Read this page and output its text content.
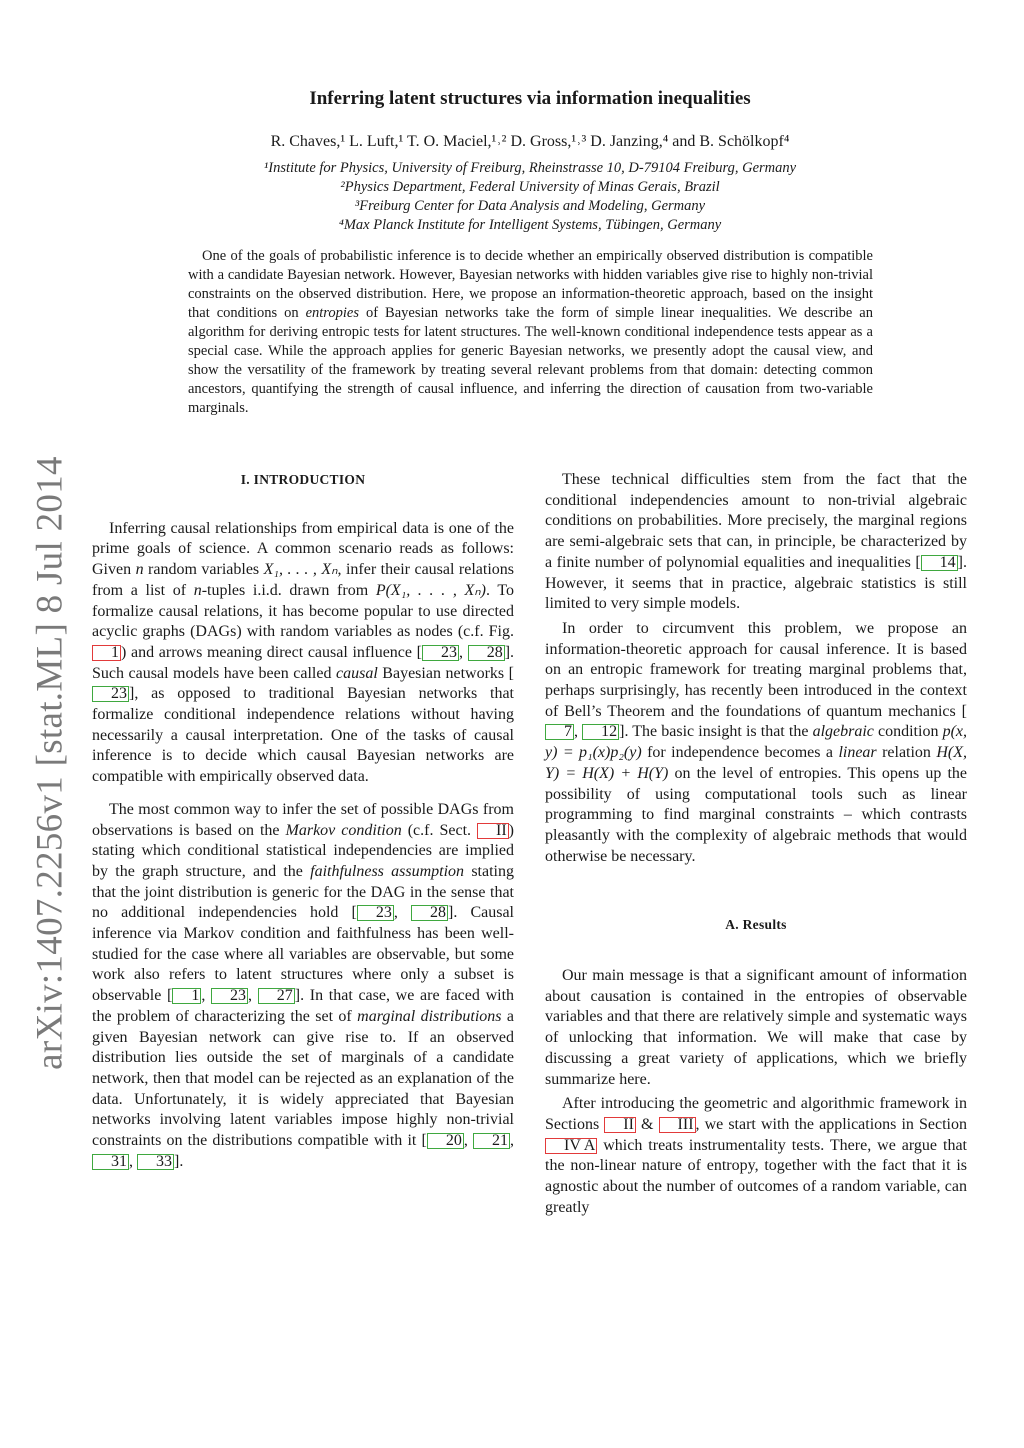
arXiv:1407.2256v1 [stat.ML] 8 Jul 2014
Inferring latent structures via information inequalities
R. Chaves,¹ L. Luft,¹ T. O. Maciel,¹˒² D. Gross,¹˒³ D. Janzing,⁴ and B. Schölkopf⁴
¹Institute for Physics, University of Freiburg, Rheinstrasse 10, D-79104 Freiburg, Germany
²Physics Department, Federal University of Minas Gerais, Brazil
³Freiburg Center for Data Analysis and Modeling, Germany
⁴Max Planck Institute for Intelligent Systems, Tübingen, Germany
One of the goals of probabilistic inference is to decide whether an empirically observed distribution is compatible with a candidate Bayesian network. However, Bayesian networks with hidden variables give rise to highly non-trivial constraints on the observed distribution. Here, we propose an information-theoretic approach, based on the insight that conditions on entropies of Bayesian networks take the form of simple linear inequalities. We describe an algorithm for deriving entropic tests for latent structures. The well-known conditional independence tests appear as a special case. While the approach applies for generic Bayesian networks, we presently adopt the causal view, and show the versatility of the framework by treating several relevant problems from that domain: detecting common ancestors, quantifying the strength of causal influence, and inferring the direction of causation from two-variable marginals.

I. INTRODUCTION

Inferring causal relationships from empirical data is one of the prime goals of science. A common scenario reads as follows: Given n random variables X₁, . . . , Xₙ, infer their causal relations from a list of n-tuples i.i.d. drawn from P(X₁, . . . , Xₙ). To formalize causal relations, it has become popular to use directed acyclic graphs (DAGs) with random variables as nodes (c.f. Fig. 1 ) and arrows meaning direct causal influence [ 23 , 28 ]. Such causal models have been called causal Bayesian networks [23 ], as opposed to traditional Bayesian networks that formalize conditional independence relations without having necessarily a causal interpretation. One of the tasks of causal inference is to decide which causal Bayesian networks are compatible with empirically observed data.

The most common way to infer the set of possible DAGs from observations is based on the Markov condition (c.f. Sect. II ) stating which conditional statistical independencies are implied by the graph structure, and the faithfulness assumption stating that the joint distribution is generic for the DAG in the sense that no additional independencies hold [ 23 , 28 ]. Causal inference via Markov condition and faithfulness has been well-studied for the case where all variables are observable, but some work also refers to latent structures where only a subset is observable [ 1 , 23 , 27 ]. In that case, we are faced with the problem of characterizing the set of marginal distributions a given Bayesian network can give rise to. If an observed distribution lies outside the set of marginals of a candidate network, then that model can be rejected as an explanation of the data. Unfortunately, it is widely appreciated that Bayesian networks involving latent variables impose highly non-trivial constraints on the distributions compatible with it [ 20 , 21 , 31 , 33 ].

These technical difficulties stem from the fact that the conditional independencies amount to non-trivial algebraic conditions on probabilities. More precisely, the marginal regions are semi-algebraic sets that can, in principle, be characterized by a finite number of polynomial equalities and inequalities [ 14 ]. However, it seems that in practice, algebraic statistics is still limited to very simple models.

In order to circumvent this problem, we propose an information-theoretic approach for causal inference. It is based on an entropic framework for treating marginal problems that, perhaps surprisingly, has recently been introduced in the context of Bell’s Theorem and the foundations of quantum mechanics [7 , 12 ]. The basic insight is that the algebraic condition p(x, y) = p₁(x)p₂(y) for independence becomes a linear relation H(X, Y) = H(X) + H(Y) on the level of entropies. This opens up the possibility of using computational tools such as linear programming to find marginal constraints – which contrasts pleasantly with the complexity of algebraic methods that would otherwise be necessary.

A. Results

Our main message is that a significant amount of information about causation is contained in the entropies of observable variables and that there are relatively simple and systematic ways of unlocking that information. We will make that case by discussing a great variety of applications, which we briefly summarize here.

After introducing the geometric and algorithmic framework in Sections II & III , we start with the applications in Section IV A which treats instrumentality tests. There, we argue that the non-linear nature of entropy, together with the fact that it is agnostic about the number of outcomes of a random variable, can greatly
